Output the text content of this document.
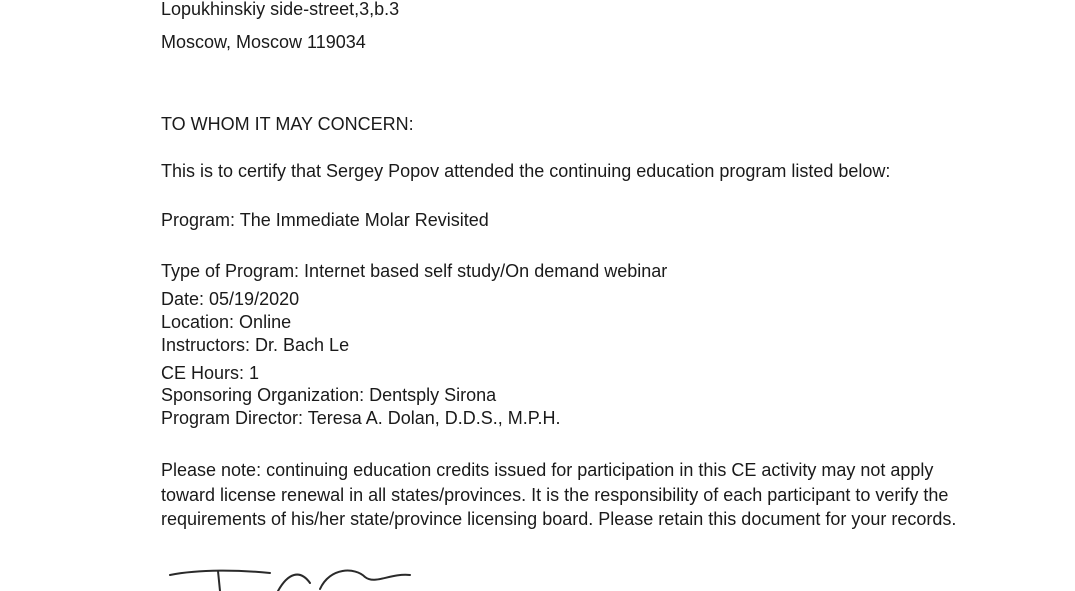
Lopukhinskiy side-street,3,b.3
Moscow, Moscow 119034
TO WHOM IT MAY CONCERN:
This is to certify that Sergey Popov attended the continuing education program listed below:
Program: The Immediate Molar Revisited
Type of Program: Internet based self study/On demand webinar
Date: 05/19/2020
Location: Online
Instructors: Dr. Bach Le
CE Hours: 1
Sponsoring Organization: Dentsply Sirona
Program Director: Teresa A. Dolan, D.D.S., M.P.H.
Please note: continuing education credits issued for participation in this CE activity may not apply toward license renewal in all states/provinces. It is the responsibility of each participant to verify the requirements of his/her state/province licensing board. Please retain this document for your records.
